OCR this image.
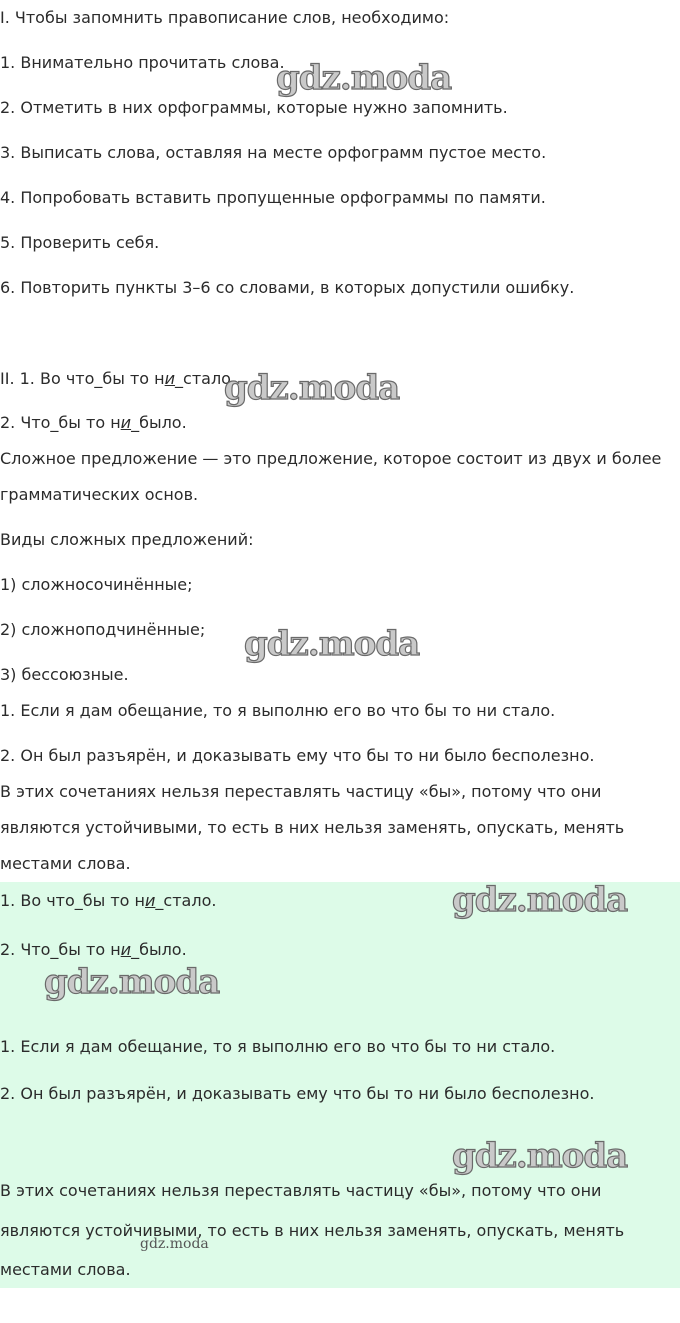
I. Чтобы запомнить правописание слов, необходимо:
1. Внимательно прочитать слова.
2. Отметить в них орфограммы, которые нужно запомнить.
3. Выписать слова, оставляя на месте орфограмм пустое место.
4. Попробовать вставить пропущенные орфограммы по памяти.
5. Проверить себя.
6. Повторить пункты 3–6 со словами, в которых допустили ошибку.
II. 1. Во что_бы то ни_стало.
2. Что_бы то ни_было.
Сложное предложение — это предложение, которое состоит из двух и более
грамматических основ.
Виды сложных предложений:
1) сложносочинённые;
2) сложноподчинённые;
3) бессоюзные.
1. Если я дам обещание, то я выполню его во что бы то ни стало.
2. Он был разъярён, и доказывать ему что бы то ни было бесполезно.
В этих сочетаниях нельзя переставлять частицу «бы», потому что они
являются устойчивыми, то есть в них нельзя заменять, опускать, менять
местами слова.
1. Во что_бы то ни_стало.
2. Что_бы то ни_было.
1. Если я дам обещание, то я выполню его во что бы то ни стало.
2. Он был разъярён, и доказывать ему что бы то ни было бесполезно.
В этих сочетаниях нельзя переставлять частицу «бы», потому что они
являются устойчивыми, то есть в них нельзя заменять, опускать, менять
местами слова.
gdz.moda
gdz.moda
gdz.moda
gdz.moda
gdz.moda
gdz.moda
gdz.moda
